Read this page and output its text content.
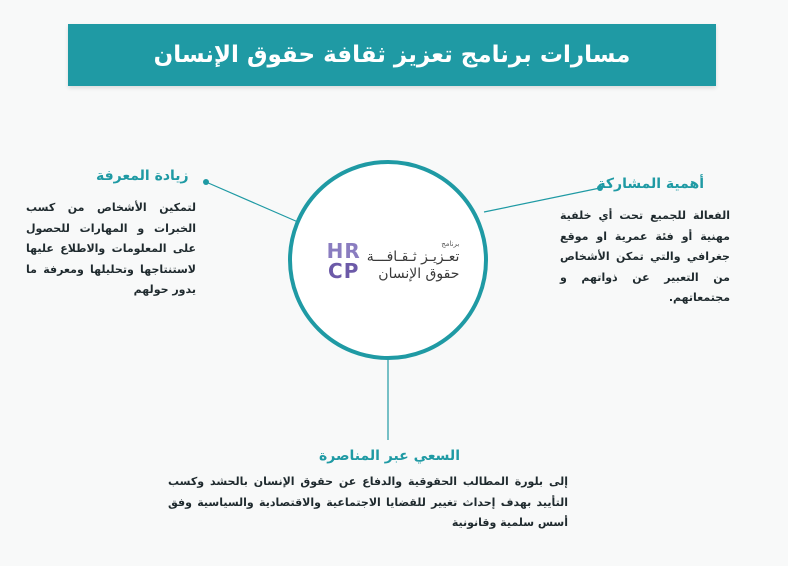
مسارات برنامج تعزيز ثقافة حقوق الإنسان
HR
CP
برنامج
تعـزيـز ثـقـافـــة
حقوق الإنسان
زيادة المعرفة
لتمكين الأشخاص من كسب الخبرات و المهارات للحصول على المعلومات والاطلاع عليها لاستنتاجها وتحليلها ومعرفة ما يدور حولهم
أهمية المشاركة
الفعالة للجميع تحت أي خلفية مهنية أو فئة عمرية او موقع جغرافي والتي تمكن الأشخاص من التعبير عن ذواتهم و مجتمعاتهم.
السعي عبر المناصرة
إلى بلورة المطالب الحقوقية والدفاع عن حقوق الإنسان بالحشد وكسب التأييد بهدف إحداث تغيير للقضايا الاجتماعية والاقتصادية والسياسية وفق أسس سلمية وقانونية
